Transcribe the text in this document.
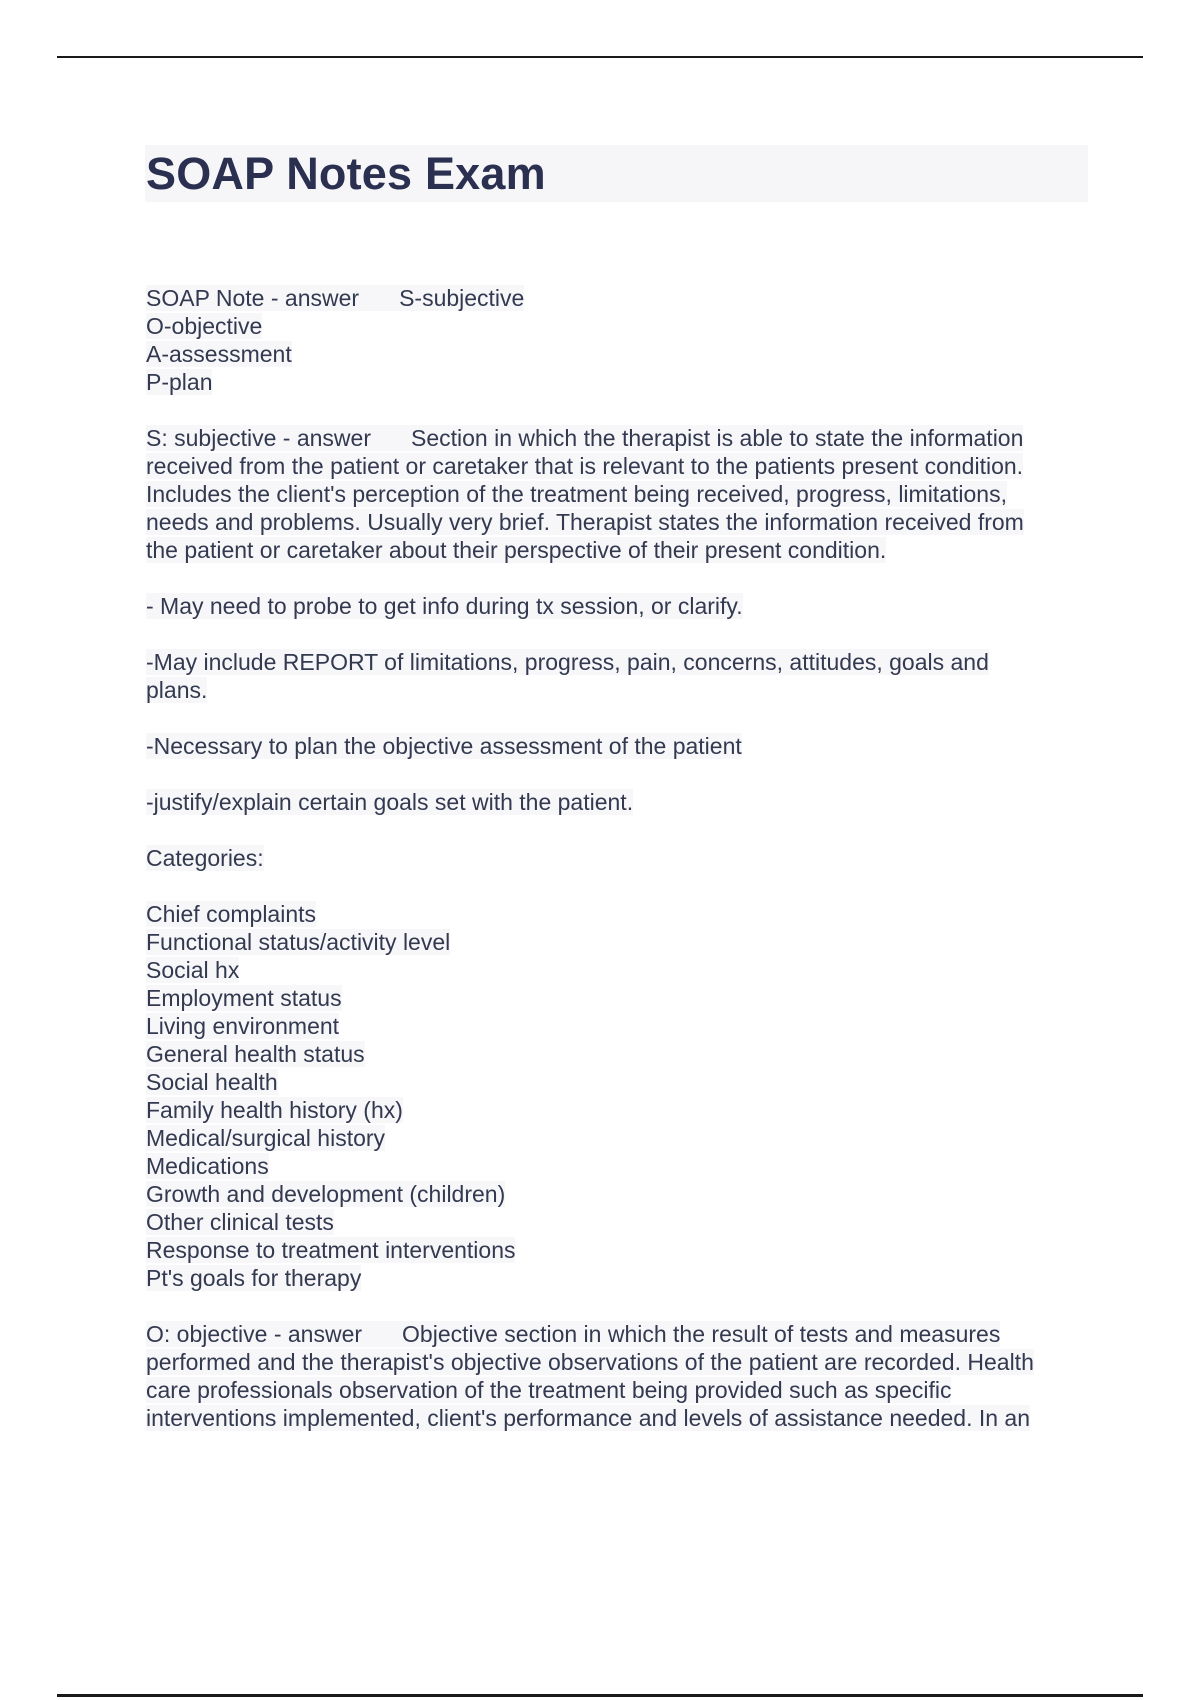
SOAP Notes Exam
SOAP Note - answer S-subjective
O-objective
A-assessment
P-plan
S: subjective - answer Section in which the therapist is able to state the information
received from the patient or caretaker that is relevant to the patients present condition.
Includes the client's perception of the treatment being received, progress, limitations,
needs and problems. Usually very brief. Therapist states the information received from
the patient or caretaker about their perspective of their present condition.
- May need to probe to get info during tx session, or clarify.
-May include REPORT of limitations, progress, pain, concerns, attitudes, goals and
plans.
-Necessary to plan the objective assessment of the patient
-justify/explain certain goals set with the patient.
Categories:
Chief complaints
Functional status/activity level
Social hx
Employment status
Living environment
General health status
Social health
Family health history (hx)
Medical/surgical history
Medications
Growth and development (children)
Other clinical tests
Response to treatment interventions
Pt's goals for therapy
O: objective - answer Objective section in which the result of tests and measures
performed and the therapist's objective observations of the patient are recorded. Health
care professionals observation of the treatment being provided such as specific
interventions implemented, client's performance and levels of assistance needed. In an
